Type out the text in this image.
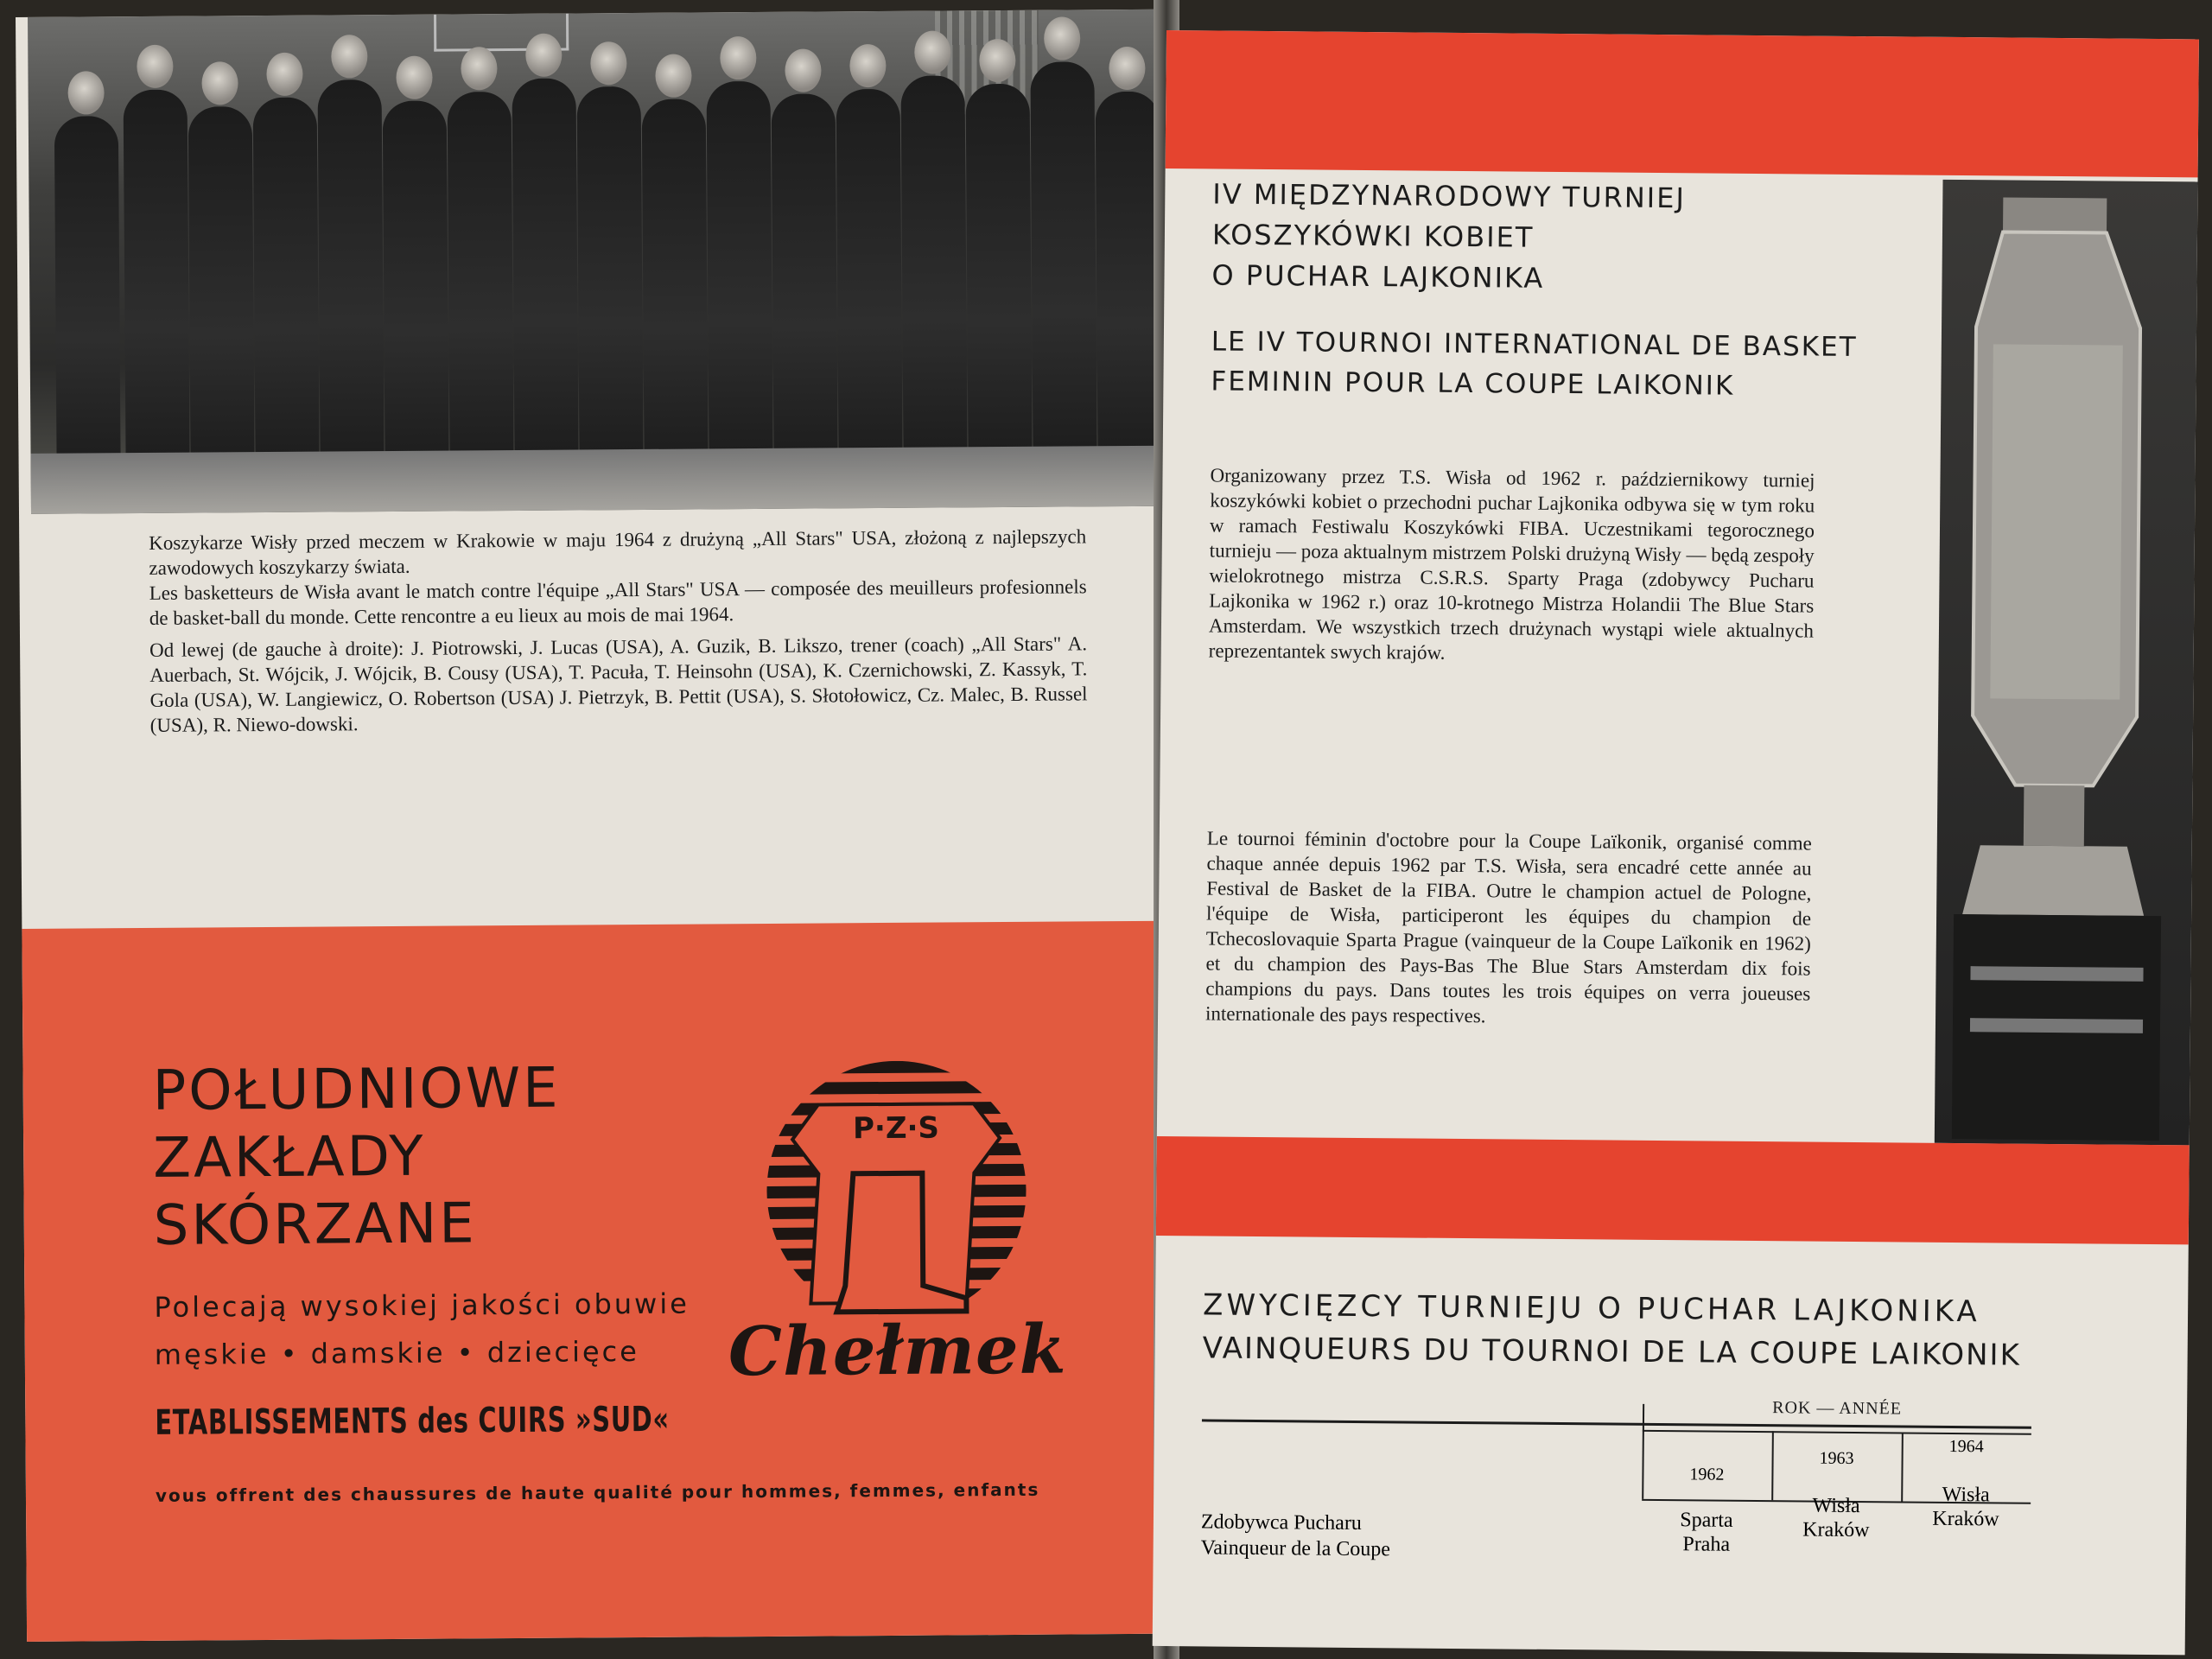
Koszykarze Wisły przed meczem w Krakowie w maju 1964 z drużyną „All Stars" USA, złożoną z najlepszych zawodowych koszykarzy świata.

Les basketteurs de Wisła avant le match contre l'équipe „All Stars" USA — composée des meuilleurs profesionnels de basket-ball du monde. Cette rencontre a eu lieux au mois de mai 1964.

Od lewej (de gauche à droite): J. Piotrowski, J. Lucas (USA), A. Guzik, B. Likszo, trener (coach) „All Stars" A. Auerbach, St. Wójcik, J. Wójcik, B. Cousy (USA), T. Pacuła, T. Heinsohn (USA), K. Czernichowski, Z. Kassyk, T. Gola (USA), W. Langiewicz, O. Robertson (USA) J. Pietrzyk, B. Pettit (USA), S. Słotołowicz, Cz. Malec, B. Russel (USA), R. Niewo-dowski.

POŁUDNIOWE
ZAKŁADY
SKÓRZANE
Polecają wysokiej jakości obuwie
męskie • damskie • dziecięce
ETABLISSEMENTS des CUIRS »SUD«
vous offrent des chaussures de haute qualité pour hommes, femmes, enfants
P·Z·S
Chełmek
IV MIĘDZYNARODOWY TURNIEJ
KOSZYKÓWKI KOBIET
O PUCHAR LAJKONIKA
LE IV TOURNOI INTERNATIONAL DE BASKET
FEMININ POUR LA COUPE LAIKONIK
Organizowany przez T.S. Wisła od 1962 r. październikowy turniej koszykówki kobiet o przechodni puchar Lajkonika odbywa się w tym roku w ramach Festiwalu Koszykówki FIBA. Uczestnikami tegorocznego turnieju — poza aktualnym mistrzem Polski drużyną Wisły — będą zespoły wielokrotnego mistrza C.S.R.S. Sparty Praga (zdobywcy Pucharu Lajkonika w 1962 r.) oraz 10-krotnego Mistrza Holandii The Blue Stars Amsterdam. We wszystkich trzech drużynach wystąpi wiele aktualnych reprezentantek swych krajów.
Le tournoi féminin d'octobre pour la Coupe Laïkonik, organisé comme chaque année depuis 1962 par T.S. Wisła, sera encadré cette année au Festival de Basket de la FIBA. Outre le champion actuel de Pologne, l'équipe de Wisła, participeront les équipes du champion de Tchecoslovaquie Sparta Prague (vainqueur de la Coupe Laïkonik en 1962) et du champion des Pays-Bas The Blue Stars Amsterdam dix fois champions du pays. Dans toutes les trois équipes on verra joueuses internationale des pays respectives.
ZWYCIĘZCY TURNIEJU O PUCHAR LAJKONIKA
VAINQUEURS DU TOURNOI DE LA COUPE LAIKONIK
ROK — ANNÉE
1962
1963
1964
Zdobywca Pucharu
Vainqueur de la Coupe
Sparta
Praha
Wisła
Kraków
Wisła
Kraków
